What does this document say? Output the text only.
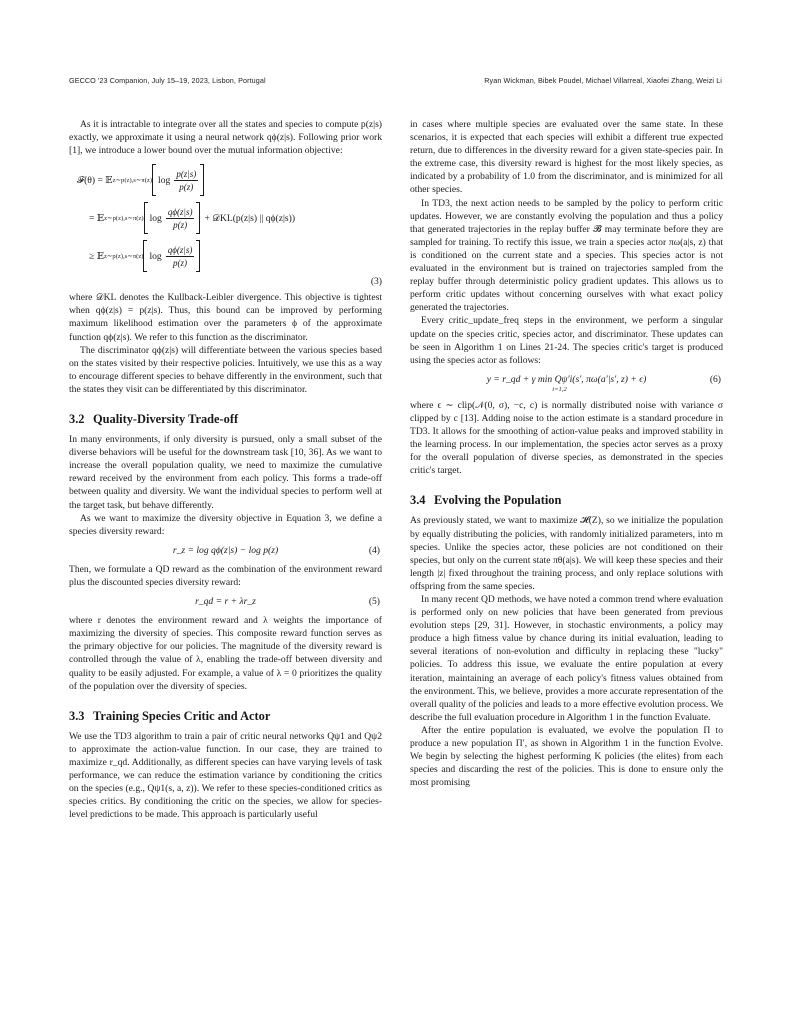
GECCO '23 Companion, July 15–19, 2023, Lisbon, Portugal	Ryan Wickman, Bibek Poudel, Michael Villarreal, Xiaofei Zhang, Weizi Li

As it is intractable to integrate over all the states and species to compute p(z|s) exactly, we approximate it using a neural network qϕ(z|s). Following prior work [1], we introduce a lower bound over the mutual information objective:

𝓕(θ) = 𝔼 z∼p(z),s∼π(z) $\log \frac{p(z|s)}{p(z)}$
= 𝔼 z∼p(z),s∼π(z) $\log \frac{q\phi(z|s)}{p(z)}$ + 𝒟KL(p(z|s) || qϕ(z|s))
≥ 𝔼 z∼p(z),s∼π(z) $\log \frac{q\phi(z|s)}{p(z)}$
(3)

where 𝒟KL denotes the Kullback-Leibler divergence. This objective is tightest when qϕ(z|s) = p(z|s). Thus, this bound can be improved by performing maximum likelihood estimation over the parameters ϕ of the approximate function qϕ(z|s). We refer to this function as the discriminator.

The discriminator qϕ(z|s) will differentiate between the various species based on the states visited by their respective policies. Intuitively, we use this as a way to encourage different species to behave differently in the environment, such that the states they visit can be differentiated by this discriminator.

3.2 Quality-Diversity Trade-off

In many environments, if only diversity is pursued, only a small subset of the diverse behaviors will be useful for the downstream task [10, 36]. As we want to increase the overall population quality, we need to maximize the cumulative reward received by the environment from each policy. This forms a trade-off between quality and diversity. We want the individual species to perform well at the target task, but behave differently.

As we want to maximize the diversity objective in Equation 3, we define a species diversity reward:

r_z = log qϕ(z|s) − log p(z)	(4)

Then, we formulate a QD reward as the combination of the environment reward plus the discounted species diversity reward:

r_qd = r + λr_z	(5)

where r denotes the environment reward and λ weights the importance of maximizing the diversity of species. This composite reward function serves as the primary objective for our policies. The magnitude of the diversity reward is controlled through the value of λ, enabling the trade-off between diversity and quality to be easily adjusted. For example, a value of λ = 0 prioritizes the quality of the population over the diversity of species.

3.3 Training Species Critic and Actor

We use the TD3 algorithm to train a pair of critic neural networks Qψ1 and Qψ2 to approximate the action-value function. In our case, they are trained to maximize r_qd. Additionally, as different species can have varying levels of task performance, we can reduce the estimation variance by conditioning the critics on the species (e.g., Qψ1(s, a, z)). We refer to these species-conditioned critics as species critics. By conditioning the critic on the species, we allow for species-level predictions to be made. This approach is particularly useful

in cases where multiple species are evaluated over the same state. In these scenarios, it is expected that each species will exhibit a different true expected return, due to differences in the diversity reward for a given state-species pair. In the extreme case, this diversity reward is highest for the most likely species, as indicated by a probability of 1.0 from the discriminator, and is minimized for all other species.

In TD3, the next action needs to be sampled by the policy to perform critic updates. However, we are constantly evolving the population and thus a policy that generated trajectories in the replay buffer 𝓑 may terminate before they are sampled for training. To rectify this issue, we train a species actor πω(a|s, z) that is conditioned on the current state and a species. This species actor is not evaluated in the environment but is trained on trajectories sampled from the replay buffer through deterministic policy gradient updates. This allows us to perform critic updates without concerning ourselves with what exact policy generated the trajectories.

Every critic_update_freq steps in the environment, we perform a singular update on the species critic, species actor, and discriminator. These updates can be seen in Algorithm 1 on Lines 21-24. The species critic's target is produced using the species actor as follows:

y = r_qd + γ min Qψ′i(s′, πω(a′|s′, z) + ϵ)	(6)
i=1,2

where ϵ ∼ clip(𝒩(0, σ), −c, c) is normally distributed noise with variance σ clipped by c [13]. Adding noise to the action estimate is a standard procedure in TD3. It allows for the smoothing of action-value peaks and improved stability in the learning process. In our implementation, the species actor serves as a proxy for the overall population of diverse species, as demonstrated in the species critic's target.

3.4 Evolving the Population

As previously stated, we want to maximize 𝓗(Z), so we initialize the population by equally distributing the policies, with randomly initialized parameters, into m species. Unlike the species actor, these policies are not conditioned on their species, but only on the current state πθ(a|s). We will keep these species and their length |z| fixed throughout the training process, and only replace solutions with offspring from the same species.

In many recent QD methods, we have noted a common trend where evaluation is performed only on new policies that have been generated from previous evolution steps [29, 31]. However, in stochastic environments, a policy may produce a high fitness value by chance during its initial evaluation, leading to several iterations of non-evolution and difficulty in replacing these "lucky" policies. To address this issue, we evaluate the entire population at every iteration, maintaining an average of each policy's fitness values obtained from the environment. This, we believe, provides a more accurate representation of the overall quality of the policies and leads to a more effective evolution process. We describe the full evaluation procedure in Algorithm 1 in the function Evaluate.

After the entire population is evaluated, we evolve the population Π to produce a new population Π′, as shown in Algorithm 1 in the function Evolve. We begin by selecting the highest performing K policies (the elites) from each species and discarding the rest of the policies. This is done to ensure only the most promising
